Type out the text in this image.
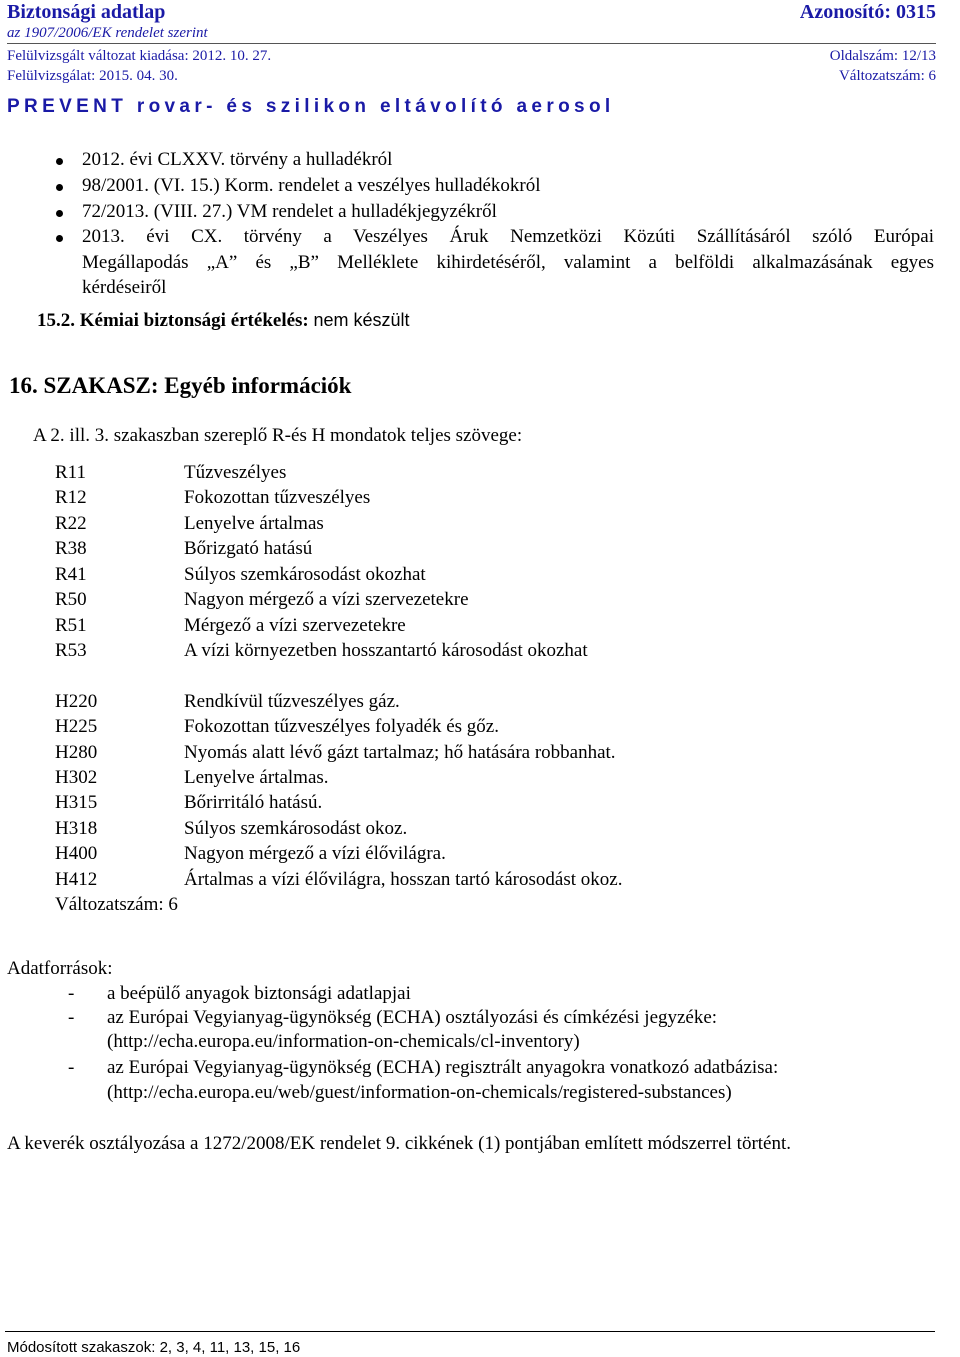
Biztonsági adatlap	Azonosító: 0315
az 1907/2006/EK rendelet szerint
Felülvizsgált változat kiadása: 2012. 10. 27.	Oldalszám: 12/13
Felülvizsgálat: 2015. 04. 30.	Változatszám: 6
PREVENT rovar- és szilikon eltávolító aerosol
2012. évi CLXXV. törvény a hulladékról
98/2001. (VI. 15.) Korm. rendelet a veszélyes hulladékokról
72/2013. (VIII. 27.) VM rendelet a hulladékjegyzékről
2013. évi CX. törvény a Veszélyes Áruk Nemzetközi Közúti Szállításáról szóló Európai
Megállapodás „A” és „B” Melléklete kihirdetéséről, valamint a belföldi alkalmazásának egyes
kérdéseiről
15.2. Kémiai biztonsági értékelés: nem készült
16. SZAKASZ: Egyéb információk
A 2. ill. 3. szakaszban szereplő R-és H mondatok teljes szövege:
R11	Tűzveszélyes
R12	Fokozottan tűzveszélyes
R22	Lenyelve ártalmas
R38	Bőrizgató hatású
R41	Súlyos szemkárosodást okozhat
R50	Nagyon mérgező a vízi szervezetekre
R51	Mérgező a vízi szervezetekre
R53	A vízi környezetben hosszantartó károsodást okozhat
H220	Rendkívül tűzveszélyes gáz.
H225	Fokozottan tűzveszélyes folyadék és gőz.
H280	Nyomás alatt lévő gázt tartalmaz; hő hatására robbanhat.
H302	Lenyelve ártalmas.
H315	Bőrirritáló hatású.
H318	Súlyos szemkárosodást okoz.
H400	Nagyon mérgező a vízi élővilágra.
H412	Ártalmas a vízi élővilágra, hosszan tartó károsodást okoz.
Változatszám: 6
Adatforrások:
- a beépülő anyagok biztonsági adatlapjai
- az Európai Vegyianyag-ügynökség (ECHA) osztályozási és címkézési jegyzéke:
(http://echa.europa.eu/information-on-chemicals/cl-inventory)
- az Európai Vegyianyag-ügynökség (ECHA) regisztrált anyagokra vonatkozó adatbázisa:
(http://echa.europa.eu/web/guest/information-on-chemicals/registered-substances)
A keverék osztályozása a 1272/2008/EK rendelet 9. cikkének (1) pontjában említett módszerrel történt.
Módosított szakaszok: 2, 3, 4, 11, 13, 15, 16
